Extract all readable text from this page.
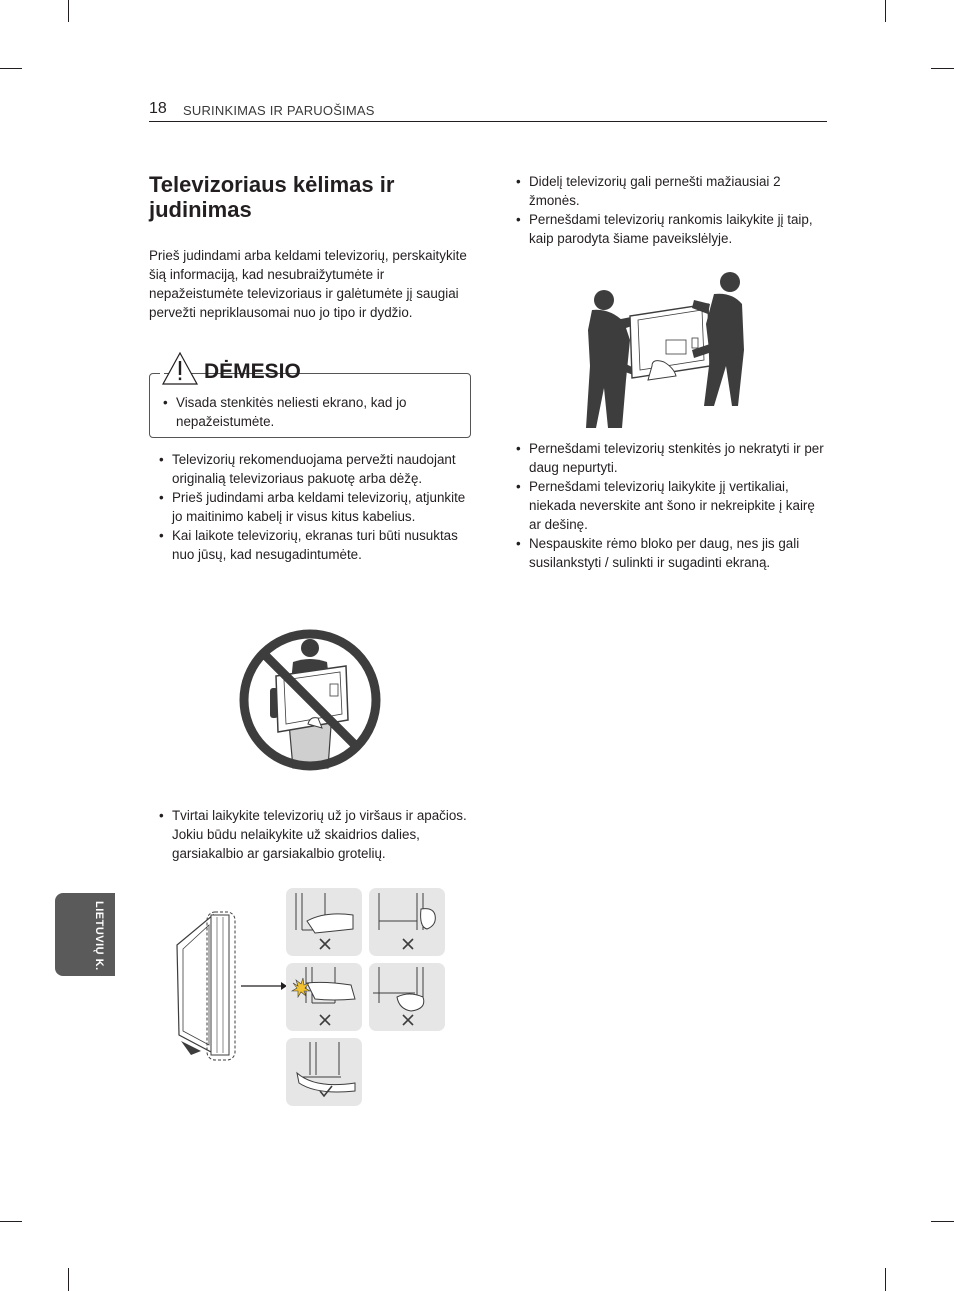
18 SURINKIMAS IR PARUOŠIMAS
Televizoriaus kėlimas ir judinimas

Prieš judindami arba keldami televizorių, perskaitykite šią informaciją, kad nesubraižytumėte ir nepažeistumėte televizoriaus ir galėtumėte jį saugiai pervežti nepriklausomai nuo jo tipo ir dydžio.

• Visada stenkitės neliesti ekrano, kad jo nepažeistumėte.
DĖMESIO
• Televizorių rekomenduojama pervežti naudojant originalią televizoriaus pakuotę arba dėžę.
• Prieš judindami arba keldami televizorių, atjunkite jo maitinimo kabelį ir visus kitus kabelius.
• Kai laikote televizorių, ekranas turi būti nusuktas nuo jūsų, kad nesugadintumėte.
• Tvirtai laikykite televizorių už jo viršaus ir apačios. Jokiu būdu nelaikykite už skaidrios dalies, garsiakalbio ar garsiakalbio grotelių.
LIETUVIŲ K.
• Didelį televizorių gali pernešti mažiausiai 2 žmonės.
• Pernešdami televizorių rankomis laikykite jį taip, kaip parodyta šiame paveikslėlyje.
• Pernešdami televizorių stenkitės jo nekratyti ir per daug nepurtyti.
• Pernešdami televizorių laikykite jį vertikaliai, niekada neverskite ant šono ir nekreipkite į kairę ar dešinę.
• Nespauskite rėmo bloko per daug, nes jis gali susilankstyti / sulinkti ir sugadinti ekraną.
